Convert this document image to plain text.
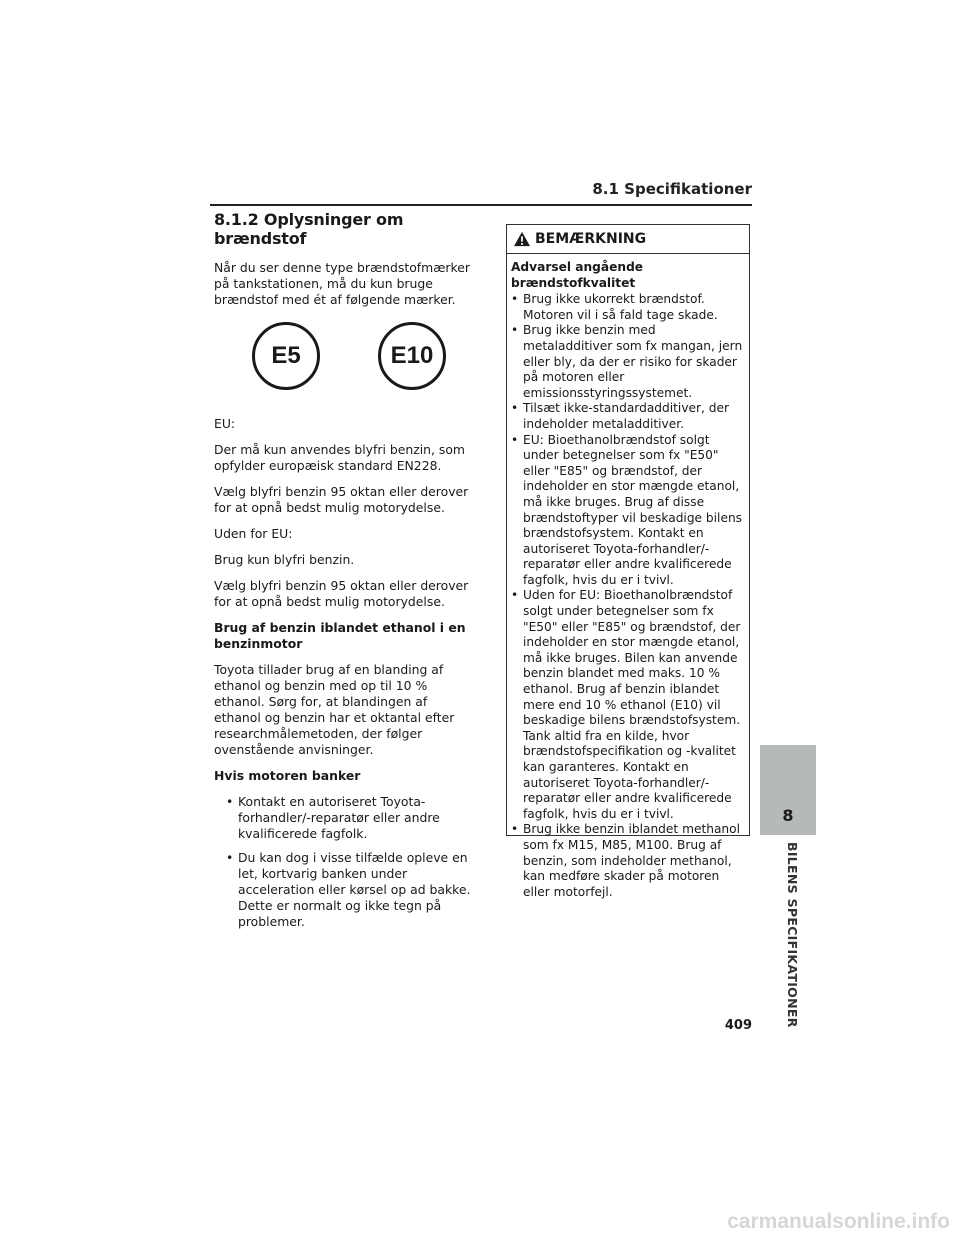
8.1 Specifikationer
8.1.2 Oplysninger om brændstof

Når du ser denne type brændstofmærker på tankstationen, må du kun bruge brændstof med ét af følgende mærker.

E5	E10

EU:

Der må kun anvendes blyfri benzin, som opfylder europæisk standard EN228.

Vælg blyfri benzin 95 oktan eller derover for at opnå bedst mulig motorydelse.

Uden for EU:

Brug kun blyfri benzin.

Vælg blyfri benzin 95 oktan eller derover for at opnå bedst mulig motorydelse.

Brug af benzin iblandet ethanol i en benzinmotor

Toyota tillader brug af en blanding af ethanol og benzin med op til 10 % ethanol. Sørg for, at blandingen af ethanol og benzin har et oktantal efter researchmålemetoden, der følger ovenstående anvisninger.

Hvis motoren banker

• Kontakt en autoriseret Toyota-forhandler/-reparatør eller andre kvalificerede fagfolk.
• Du kan dog i visse tilfælde opleve en let, kortvarig banken under acceleration eller kørsel op ad bakke. Dette er normalt og ikke tegn på problemer.
BEMÆRKNING
Advarsel angående brændstofkvalitet
• Brug ikke ukorrekt brændstof. Motoren vil i så fald tage skade.
• Brug ikke benzin med metaladditiver som fx mangan, jern eller bly, da der er risiko for skader på motoren eller emissionsstyringssystemet.
• Tilsæt ikke-standardadditiver, der indeholder metaladditiver.
• EU: Bioethanolbrændstof solgt under betegnelser som fx "E50" eller "E85" og brændstof, der indeholder en stor mængde etanol, må ikke bruges. Brug af disse brændstoftyper vil beskadige bilens brændstofsystem. Kontakt en autoriseret Toyota-forhandler/-reparatør eller andre kvalificerede fagfolk, hvis du er i tvivl.
• Uden for EU: Bioethanolbrændstof solgt under betegnelser som fx "E50" eller "E85" og brændstof, der indeholder en stor mængde etanol, må ikke bruges. Bilen kan anvende benzin blandet med maks. 10 % ethanol. Brug af benzin iblandet mere end 10 % ethanol (E10) vil beskadige bilens brændstofsystem. Tank altid fra en kilde, hvor brændstofspecifikation og -kvalitet kan garanteres. Kontakt en autoriseret Toyota-forhandler/-reparatør eller andre kvalificerede fagfolk, hvis du er i tvivl.
• Brug ikke benzin iblandet methanol som fx M15, M85, M100. Brug af benzin, som indeholder methanol, kan medføre skader på motoren eller motorfejl.
8
BILENS SPECIFIKATIONER
409
carmanualsonline.info
